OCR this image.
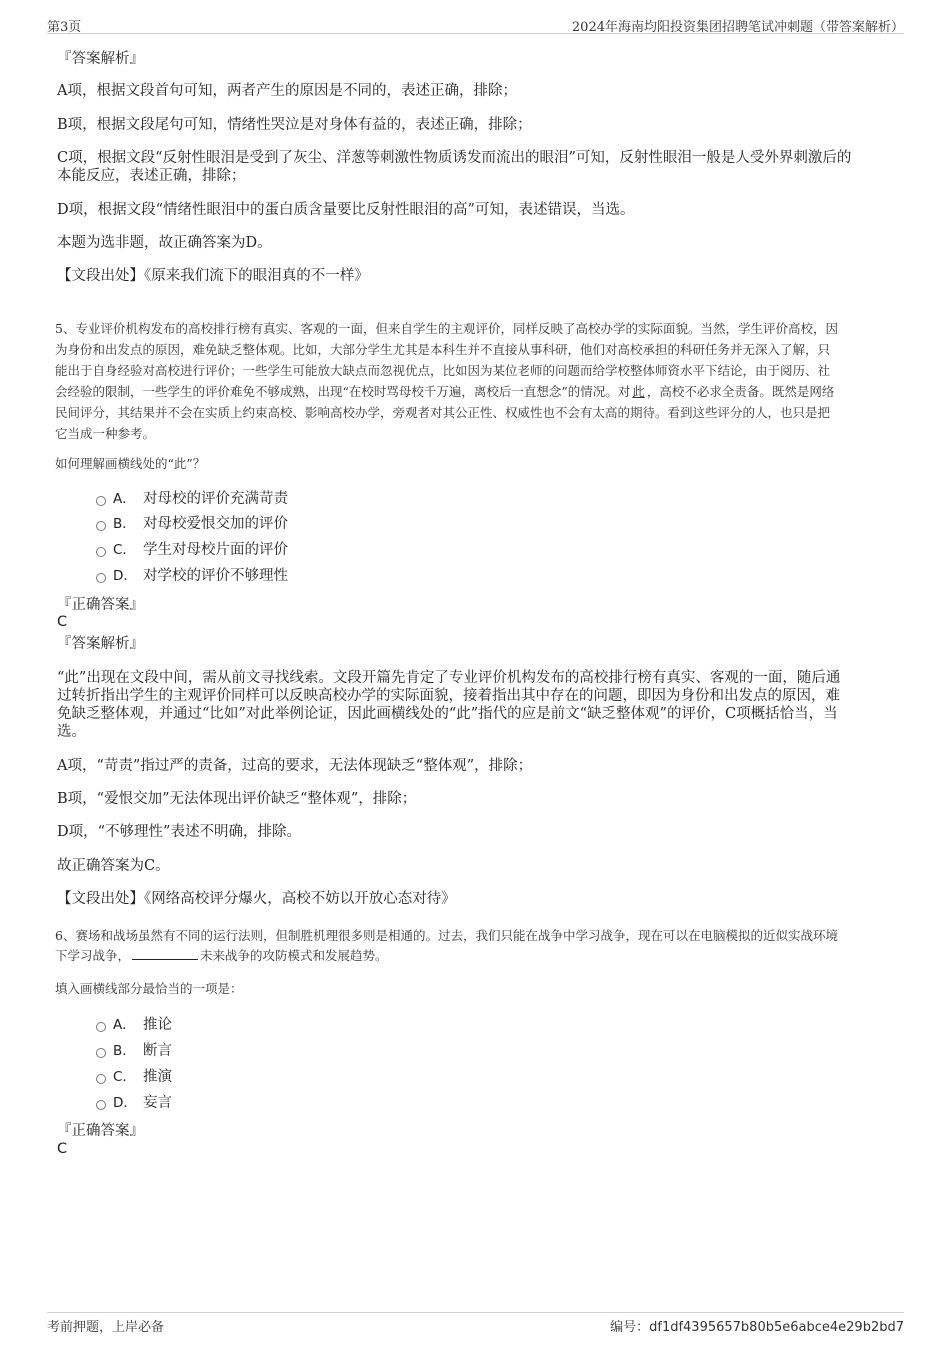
第3页	2024年海南均阳投资集团招聘笔试冲刺题（带答案解析）
『答案解析』
A项，根据文段首句可知，两者产生的原因是不同的，表述正确，排除；
B项，根据文段尾句可知，情绪性哭泣是对身体有益的，表述正确，排除；
C项，根据文段“反射性眼泪是受到了灰尘、洋葱等刺激性物质诱发而流出的眼泪”可知，反射性眼泪一般是人受外界刺激后的
本能反应，表述正确，排除；
D项，根据文段“情绪性眼泪中的蛋白质含量要比反射性眼泪的高”可知，表述错误，当选。
本题为选非题，故正确答案为D。
【文段出处】《原来我们流下的眼泪真的不一样》
5、专业评价机构发布的高校排行榜有真实、客观的一面，但来自学生的主观评价，同样反映了高校办学的实际面貌。当然，学生评价高校，因
为身份和出发点的原因，难免缺乏整体观。比如，大部分学生尤其是本科生并不直接从事科研，他们对高校承担的科研任务并无深入了解，只
能出于自身经验对高校进行评价；一些学生可能放大缺点而忽视优点，比如因为某位老师的问题而给学校整体师资水平下结论，由于阅历、社
会经验的限制，一些学生的评价难免不够成熟，出现“在校时骂母校千万遍，离校后一直想念”的情况。对 此 ，高校不必求全责备。既然是网络
民间评分，其结果并不会在实质上约束高校、影响高校办学，旁观者对其公正性、权威性也不会有太高的期待。看到这些评分的人，也只是把
它当成一种参考。
如何理解画横线处的“此”？
A． 对母校的评价充满苛责
B． 对母校爱恨交加的评价
C． 学生对母校片面的评价
D． 对学校的评价不够理性
『正确答案』
C
『答案解析』
“此”出现在文段中间，需从前文寻找线索。文段开篇先肯定了专业评价机构发布的高校排行榜有真实、客观的一面，随后通
过转折指出学生的主观评价同样可以反映高校办学的实际面貌，接着指出其中存在的问题，即因为身份和出发点的原因，难
免缺乏整体观，并通过“比如”对此举例论证，因此画横线处的“此”指代的应是前文“缺乏整体观”的评价，C项概括恰当，当
选。
A项，“苛责”指过严的责备，过高的要求，无法体现缺乏“整体观”，排除；
B项，“爱恨交加”无法体现出评价缺乏“整体观”，排除；
D项，“不够理性”表述不明确，排除。
故正确答案为C。
【文段出处】《网络高校评分爆火，高校不妨以开放心态对待》
6、赛场和战场虽然有不同的运行法则，但制胜机理很多则是相通的。过去，我们只能在战争中学习战争，现在可以在电脑模拟的近似实战环境
下学习战争，	未来战争的攻防模式和发展趋势。
填入画横线部分最恰当的一项是：
A． 推论
B． 断言
C． 推演
D． 妄言
『正确答案』
C
考前押题，上岸必备	编号：df1df4395657b80b5e6abce4e29b2bd7
